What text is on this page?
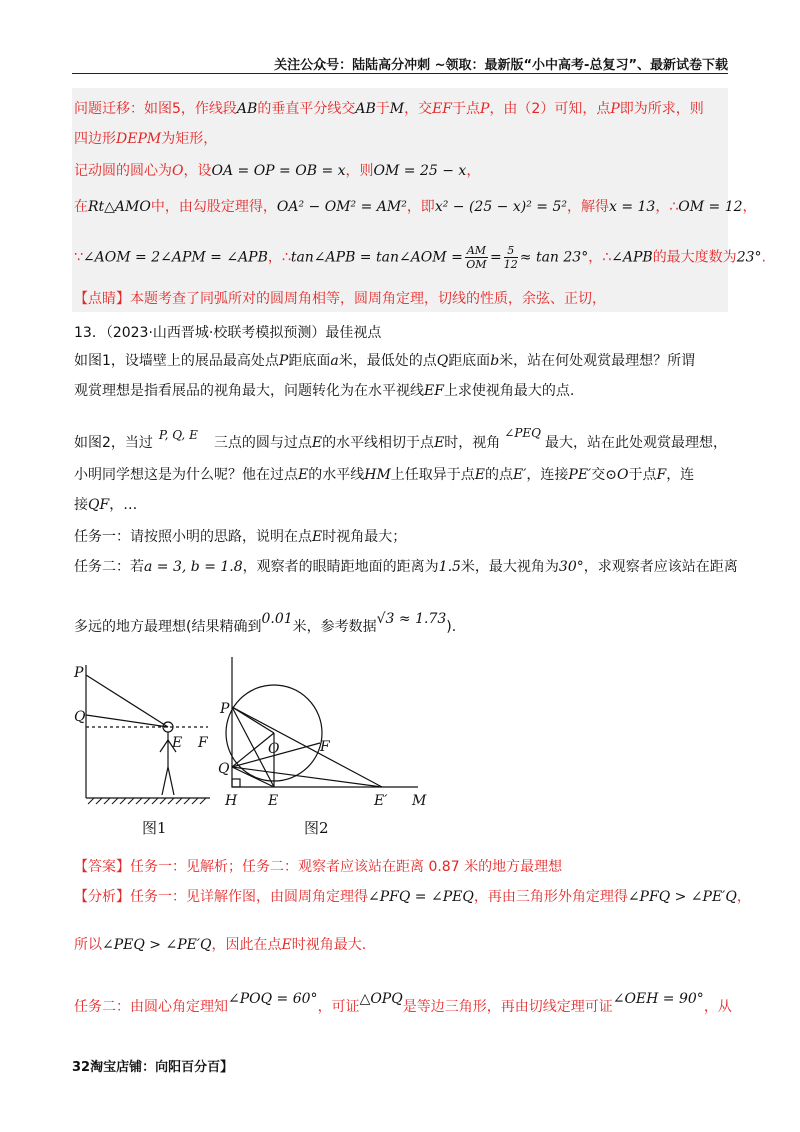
关注公众号：陆陆高分冲刺 ~领取：最新版“小中高考-总复习”、最新试卷下载
问题迁移：如图5，作线段AB的垂直平分线交AB于M，交EF于点P，由（2）可知，点P即为所求，则
四边形DEPM为矩形，
记动圆的圆心为O，设OA = OP = OB = x，则OM = 25 − x，
在Rt△AMO中，由勾股定理得，OA² − OM² = AM²，即x² − (25 − x)² = 5²，解得x = 13，∴OM = 12，
∵∠AOM = 2∠APM = ∠APB，∴tan∠APB = tan∠AOM = $\frac{AM}{OM} = \frac{5}{12} \approx \tan 23^\circ$，∴∠APB的最大度数为23°.
【点睛】本题考查了同弧所对的圆周角相等，圆周角定理，切线的性质，余弦、正切，
13．（2023·山西晋城·校联考模拟预测）最佳视点
如图1，设墙壁上的展品最高处点P距底面a米，最低处的点Q距底面b米，站在何处观赏最理想？所谓
观赏理想是指看展品的视角最大，问题转化为在水平视线EF上求使视角最大的点.
如图2，当过 P, Q, E 三点的圆与过点E的水平线相切于点E时，视角∠PEQ最大，站在此处观赏最理想，
小明同学想这是为什么呢？他在过点E的水平线HM上任取异于点E的点E′，连接PE′交⊙O于点F，连
接QF，…
任务一：请按照小明的思路，说明在点E时视角最大；
任务二：若a = 3, b = 1.8，观察者的眼睛距地面的距离为1.5米，最大视角为30°，求观察者应该站在距离
多远的地方最理想(结果精确到0.01米，参考数据√3 ≈ 1.73).
P
Q
E F
图1
P
Q
O	F
H E	E′ M
图2
【答案】任务一：见解析；任务二：观察者应该站在距离 0.87 米的地方最理想
【分析】任务一：见详解作图，由圆周角定理得∠PFQ = ∠PEQ，再由三角形外角定理得∠PFQ > ∠PE′Q，
所以∠PEQ > ∠PE′Q，因此在点E时视角最大.
任务二：由圆心角定理知∠POQ = 60°，可证△OPQ是等边三角形，再由切线定理可证∠OEH = 90°，从
32淘宝店铺：向阳百分百】
